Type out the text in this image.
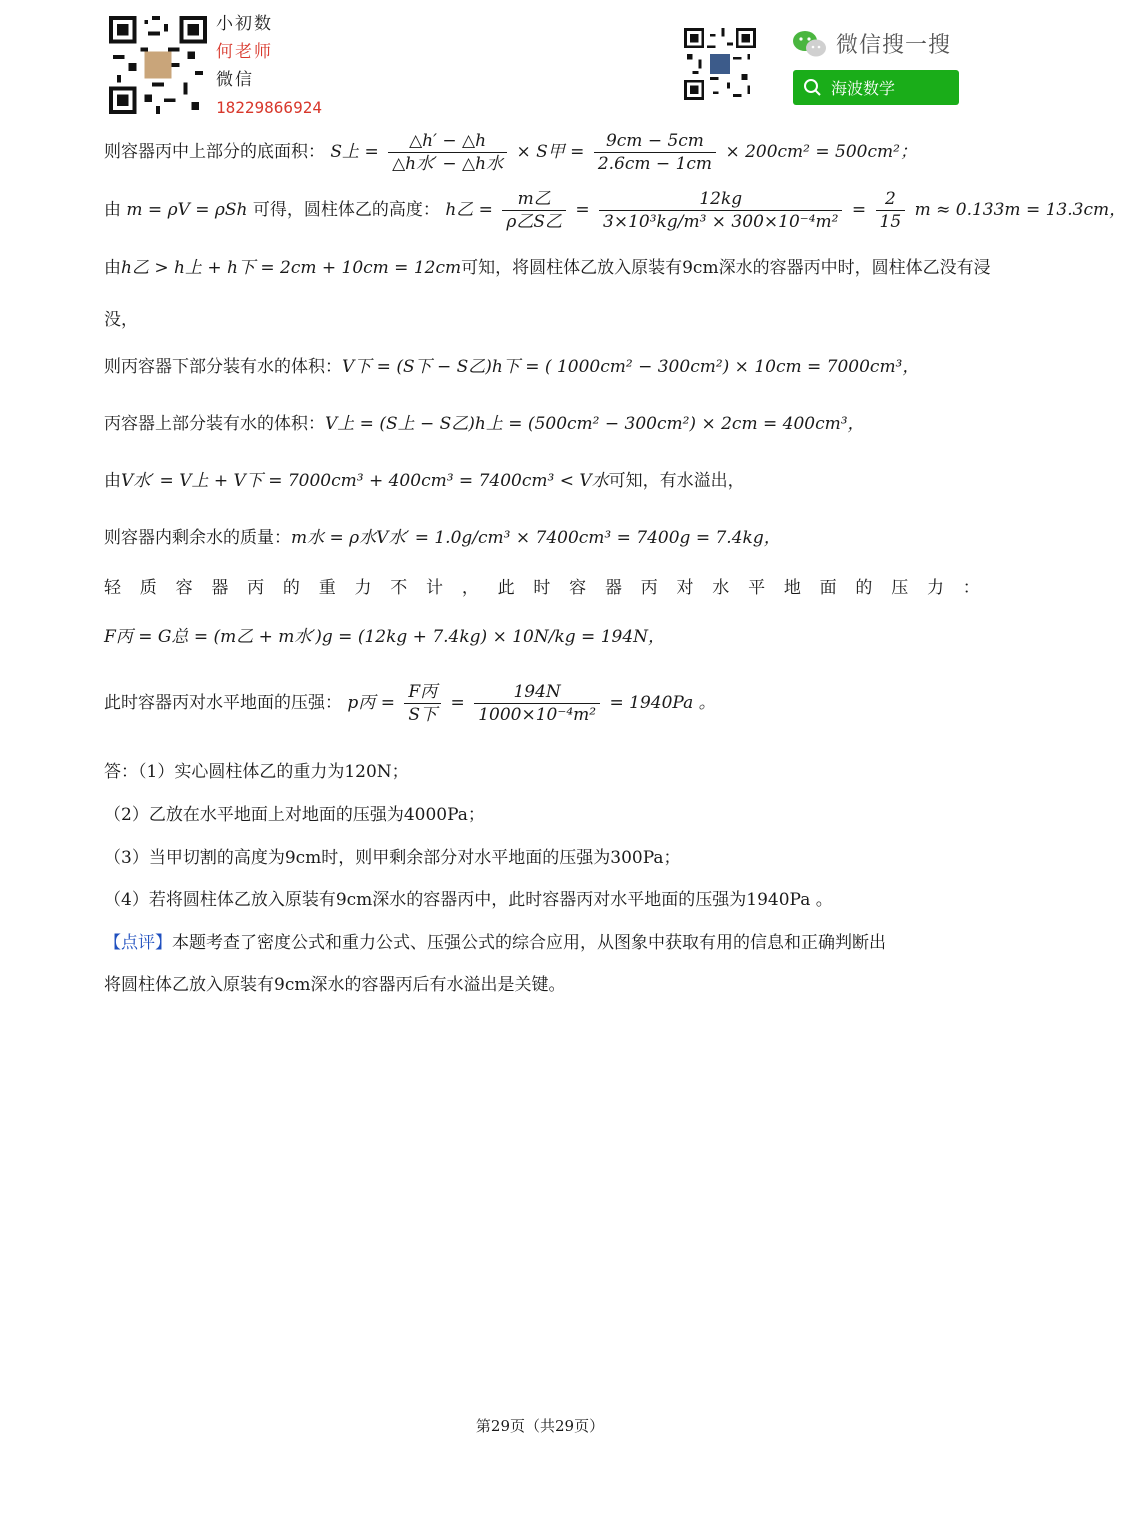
小初数
何老师
微信
18229866924
微信搜一搜
海波数学
则容器丙中上部分的底面积： S上 = $\frac{\triangle h' - \triangle h}{\text{△h水′ − △h水}} \times S$甲 = $\frac{9cm - 5cm}{2.6cm - 1cm} \times 200cm^2 = 500cm^2$；
由 m = ρV = ρSh 可得，圆柱体乙的高度： h乙 = $\frac{\text{m乙}}{\text{ρ乙S乙}} = \frac{12kg}{\text{3×10³kg/m³ × 300×10⁻⁴m²}} = \frac{2}{15}$ m ≈ 0.133m = 13.3cm，
由h乙 > h上 + h下 = 2cm + 10cm = 12cm可知，将圆柱体乙放入原装有9cm深水的容器丙中时，圆柱体乙没有浸
没，
则丙容器下部分装有水的体积：V下 = (S下 − S乙)h下 = ( 1000cm² − 300cm²) × 10cm = 7000cm³，
丙容器上部分装有水的体积：V上 = (S上 − S乙)h上 = (500cm² − 300cm²) × 2cm = 400cm³，
由V水′ = V上 + V下 = 7000cm³ + 400cm³ = 7400cm³ < V水可知，有水溢出，
则容器内剩余水的质量：m水 = ρ水V水′ = 1.0g/cm³ × 7400cm³ = 7400g = 7.4kg，
轻 质 容 器 丙 的 重 力 不 计 ， 此 时 容 器 丙 对 水 平 地 面 的 压 力 ：
F丙 = G总 = (m乙 + m水′)g = (12kg + 7.4kg) × 10N/kg = 194N，
此时容器丙对水平地面的压强： p丙 = $\frac{\text{F丙}}{\text{S下}} = \frac{194N}{\text{1000×10⁻⁴m²}} = 1940Pa$ 。
答：（1）实心圆柱体乙的重力为120N；
（2）乙放在水平地面上对地面的压强为4000Pa；
（3）当甲切割的高度为9cm时，则甲剩余部分对水平地面的压强为300Pa；
（4）若将圆柱体乙放入原装有9cm深水的容器丙中，此时容器丙对水平地面的压强为1940Pa 。
【点评】本题考查了密度公式和重力公式、压强公式的综合应用，从图象中获取有用的信息和正确判断出
将圆柱体乙放入原装有9cm深水的容器丙后有水溢出是关键。
第29页（共29页）
